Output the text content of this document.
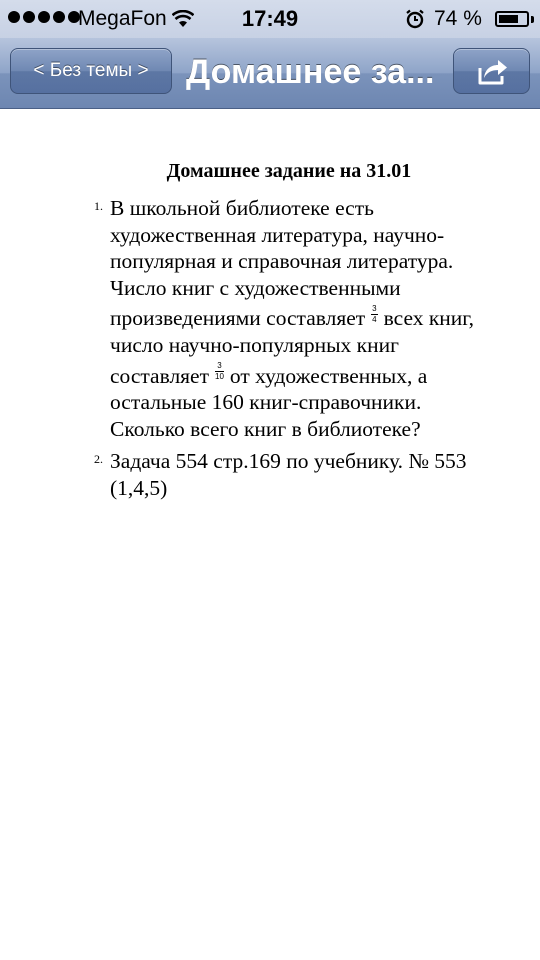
MegaFon	17:49	74 %
< Без темы >	Домашнее за...
Домашнее задание на 31.01
1. В школьной библиотеке есть
художественная литература, научно-
популярная и справочная литература.
Число книг с художественными
произведениями составляет $\frac{3}{4}$ всех книг,
число научно-популярных книг
составляет $\frac{3}{10}$ от художественных, а
остальные 160 книг-справочники.
Сколько всего книг в библиотеке?
2. Задача 554 стр.169 по учебнику. № 553
(1,4,5)
